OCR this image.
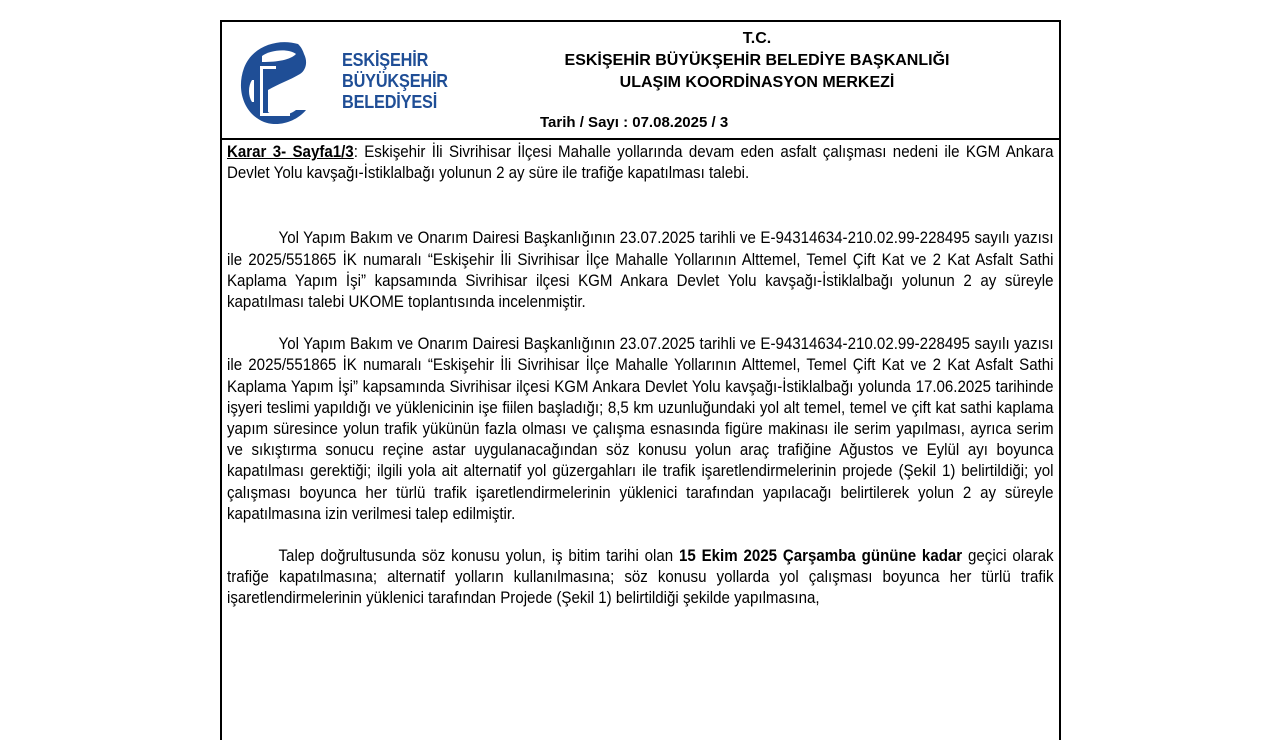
ESKİŞEHİR
BÜYÜKŞEHİR
BELEDİYESİ
T.C.
ESKİŞEHİR BÜYÜKŞEHİR BELEDİYE BAŞKANLIĞI
ULAŞIM KOORDİNASYON MERKEZİ
Tarih / Sayı : 07.08.2025 / 3

Karar 3- Sayfa1/3: Eskişehir İli Sivrihisar İlçesi Mahalle yollarında devam eden asfalt çalışması nedeni ile KGM Ankara Devlet Yolu kavşağı-İstiklalbağı yolunun 2 ay süre ile trafiğe kapatılması talebi.

Yol Yapım Bakım ve Onarım Dairesi Başkanlığının 23.07.2025 tarihli ve E-94314634-210.02.99-228495 sayılı yazısı ile 2025/551865 İK numaralı “Eskişehir İli Sivrihisar İlçe Mahalle Yollarının Alttemel, Temel Çift Kat ve 2 Kat Asfalt Sathi Kaplama Yapım İşi” kapsamında Sivrihisar ilçesi KGM Ankara Devlet Yolu kavşağı-İstiklalbağı yolunun 2 ay süreyle kapatılması talebi UKOME toplantısında incelenmiştir.

Yol Yapım Bakım ve Onarım Dairesi Başkanlığının 23.07.2025 tarihli ve E-94314634-210.02.99-228495 sayılı yazısı ile 2025/551865 İK numaralı “Eskişehir İli Sivrihisar İlçe Mahalle Yollarının Alttemel, Temel Çift Kat ve 2 Kat Asfalt Sathi Kaplama Yapım İşi” kapsamında Sivrihisar ilçesi KGM Ankara Devlet Yolu kavşağı-İstiklalbağı yolunda 17.06.2025 tarihinde işyeri teslimi yapıldığı ve yüklenicinin işe fiilen başladığı; 8,5 km uzunluğundaki yol alt temel, temel ve çift kat sathi kaplama yapım süresince yolun trafik yükünün fazla olması ve çalışma esnasında figüre makinası ile serim yapılması, ayrıca serim ve sıkıştırma sonucu reçine astar uygulanacağından söz konusu yolun araç trafiğine Ağustos ve Eylül ayı boyunca kapatılması gerektiği; ilgili yola ait alternatif yol güzergahları ile trafik işaretlendirmelerinin projede (Şekil 1) belirtildiği; yol çalışması boyunca her türlü trafik işaretlendirmelerinin yüklenici tarafından yapılacağı belirtilerek yolun 2 ay süreyle kapatılmasına izin verilmesi talep edilmiştir.

Talep doğrultusunda söz konusu yolun, iş bitim tarihi olan 15 Ekim 2025 Çarşamba gününe kadar geçici olarak trafiğe kapatılmasına; alternatif yolların kullanılmasına; söz konusu yollarda yol çalışması boyunca her türlü trafik işaretlendirmelerinin yüklenici tarafından Projede (Şekil 1) belirtildiği şekilde yapılmasına,
